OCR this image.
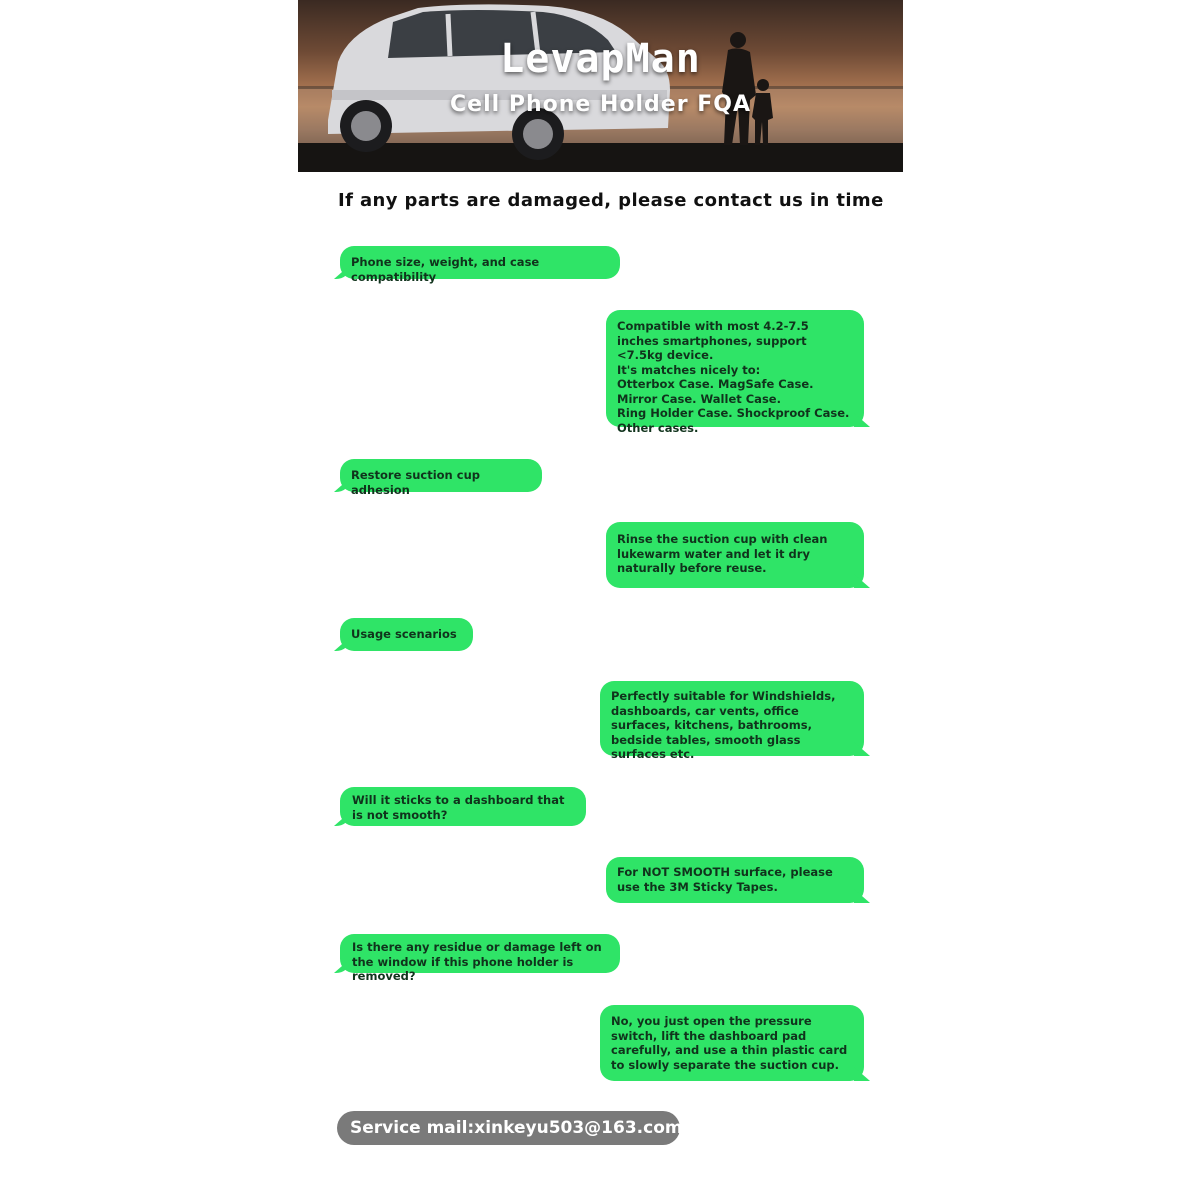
LevapMan
Cell Phone Holder FQA
If any parts are damaged, please contact us in time
Phone size, weight, and case compatibility
Compatible with most 4.2-7.5 inches smartphones, support <7.5kg device.
It's matches nicely to:
Otterbox Case. MagSafe Case.
Mirror Case. Wallet Case.
Ring Holder Case. Shockproof Case.
Other cases.
Restore suction cup adhesion
Rinse the suction cup with clean lukewarm water and let it dry naturally before reuse.
Usage scenarios
Perfectly suitable for Windshields, dashboards, car vents, office surfaces, kitchens, bathrooms, bedside tables, smooth glass surfaces etc.
Will it sticks to a dashboard that is not smooth?
For NOT SMOOTH surface, please use the 3M Sticky Tapes.
Is there any residue or damage left on the window if this phone holder is removed?
No, you just open the pressure switch, lift the dashboard pad carefully, and use a thin plastic card to slowly separate the suction cup.
Service mail:xinkeyu503@163.com
